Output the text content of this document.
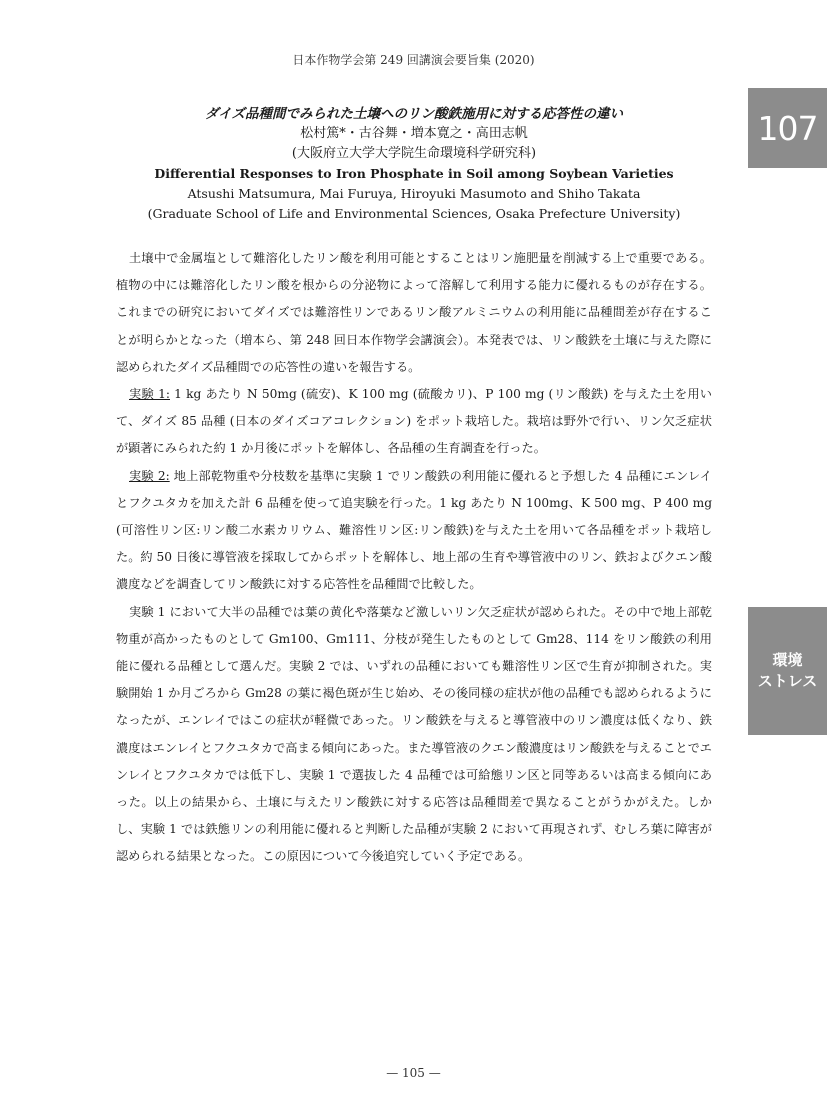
日本作物学会第 249 回講演会要旨集 (2020)
107
環境
ストレス
ダイズ品種間でみられた土壌へのリン酸鉄施用に対する応答性の違い
松村篤*・古谷舞・増本寛之・高田志帆
(大阪府立大学大学院生命環境科学研究科)
Differential Responses to Iron Phosphate in Soil among Soybean Varieties
Atsushi Matsumura, Mai Furuya, Hiroyuki Masumoto and Shiho Takata
(Graduate School of Life and Environmental Sciences, Osaka Prefecture University)

土壌中で金属塩として難溶化したリン酸を利用可能とすることはリン施肥量を削減する上で重要である。植物の中には難溶化したリン酸を根からの分泌物によって溶解して利用する能力に優れるものが存在する。これまでの研究においてダイズでは難溶性リンであるリン酸アルミニウムの利用能に品種間差が存在することが明らかとなった（増本ら、第 248 回日本作物学会講演会）。本発表では、リン酸鉄を土壌に与えた際に認められたダイズ品種間での応答性の違いを報告する。

実験 1: 1 kg あたり N 50mg (硫安)、K 100 mg (硫酸カリ)、P 100 mg (リン酸鉄) を与えた土を用いて、ダイズ 85 品種 (日本のダイズコアコレクション) をポット栽培した。栽培は野外で行い、リン欠乏症状が顕著にみられた約 1 か月後にポットを解体し、各品種の生育調査を行った。

実験 2: 地上部乾物重や分枝数を基準に実験 1 でリン酸鉄の利用能に優れると予想した 4 品種にエンレイとフクユタカを加えた計 6 品種を使って追実験を行った。1 kg あたり N 100mg、K 500 mg、P 400 mg (可溶性リン区:リン酸二水素カリウム、難溶性リン区:リン酸鉄)を与えた土を用いて各品種をポット栽培した。約 50 日後に導管液を採取してからポットを解体し、地上部の生育や導管液中のリン、鉄およびクエン酸濃度などを調査してリン酸鉄に対する応答性を品種間で比較した。

実験 1 において大半の品種では葉の黄化や落葉など激しいリン欠乏症状が認められた。その中で地上部乾物重が高かったものとして Gm100、Gm111、分枝が発生したものとして Gm28、114 をリン酸鉄の利用能に優れる品種として選んだ。実験 2 では、いずれの品種においても難溶性リン区で生育が抑制された。実験開始 1 か月ごろから Gm28 の葉に褐色斑が生じ始め、その後同様の症状が他の品種でも認められるようになったが、エンレイではこの症状が軽微であった。リン酸鉄を与えると導管液中のリン濃度は低くなり、鉄濃度はエンレイとフクユタカで高まる傾向にあった。また導管液のクエン酸濃度はリン酸鉄を与えることでエンレイとフクユタカでは低下し、実験 1 で選抜した 4 品種では可給態リン区と同等あるいは高まる傾向にあった。以上の結果から、土壌に与えたリン酸鉄に対する応答は品種間差で異なることがうかがえた。しかし、実験 1 では鉄態リンの利用能に優れると判断した品種が実験 2 において再現されず、むしろ葉に障害が認められる結果となった。この原因について今後追究していく予定である。

— 105 —
